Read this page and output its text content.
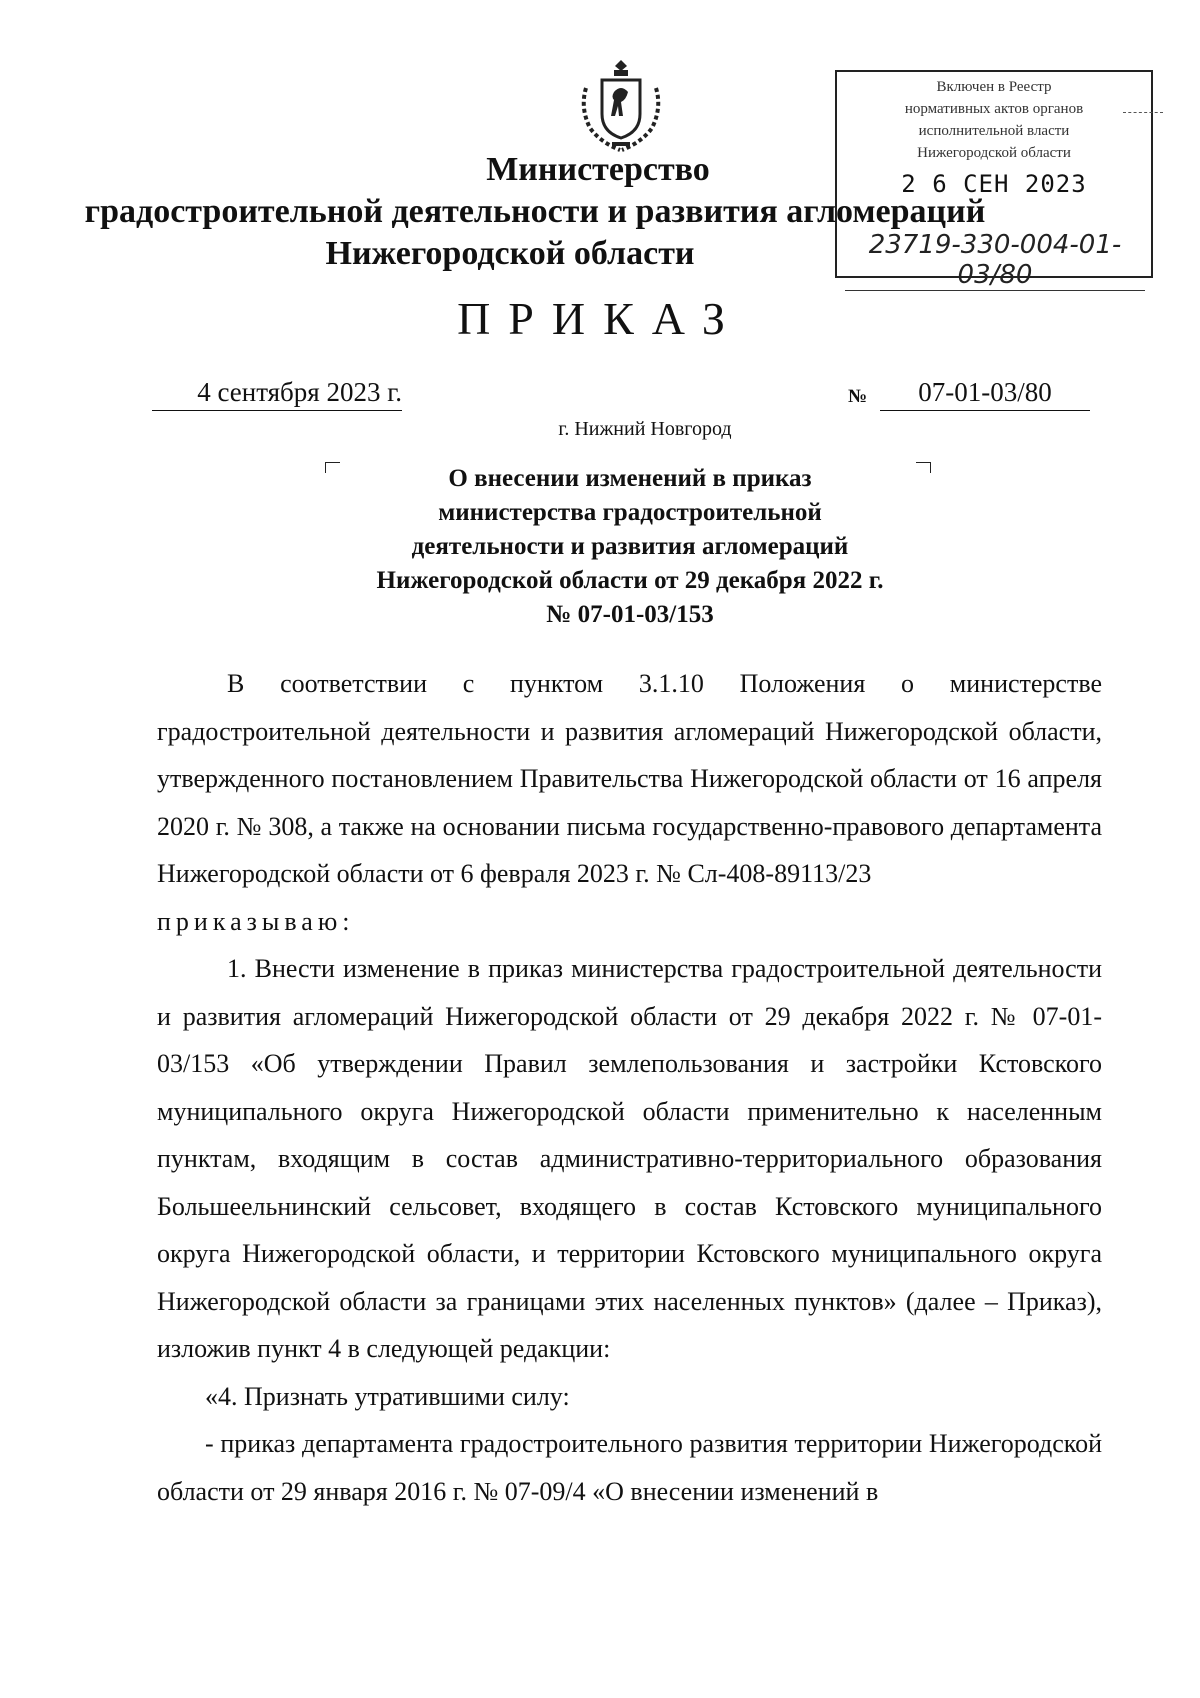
Министерство
градостроительной деятельности и развития агломераций
Нижегородской области
Включен в Реестр
нормативных актов органов
исполнительной власти
Нижегородской области
2 6 СЕН 2023
23719-330-004-01-03/80
ПРИКАЗ
4 сентября 2023 г.	№	07-01-03/80
г. Нижний Новгород
О внесении изменений в приказ
министерства градостроительной
деятельности и развития агломераций
Нижегородской области от 29 декабря 2022 г.
№ 07-01-03/153

В соответствии с пунктом 3.1.10 Положения о министерстве градостроительной деятельности и развития агломераций Нижегородской области, утвержденного постановлением Правительства Нижегородской области от 16 апреля 2020 г. № 308, а также на основании письма государственно-правового департамента Нижегородской области от 6 февраля 2023 г. № Сл-408-89113/23

приказываю:

1. Внести изменение в приказ министерства градостроительной деятельности и развития агломераций Нижегородской области от 29 декабря 2022 г. № 07-01-03/153 «Об утверждении Правил землепользования и застройки Кстовского муниципального округа Нижегородской области применительно к населенным пунктам, входящим в состав административно-территориального образования Большеельнинский сельсовет, входящего в состав Кстовского муниципального округа Нижегородской области, и территории Кстовского муниципального округа Нижегородской области за границами этих населенных пунктов» (далее – Приказ), изложив пункт 4 в следующей редакции:

«4. Признать утратившими силу:

- приказ департамента градостроительного развития территории Нижегородской области от 29 января 2016 г. № 07-09/4 «О внесении изменений в
